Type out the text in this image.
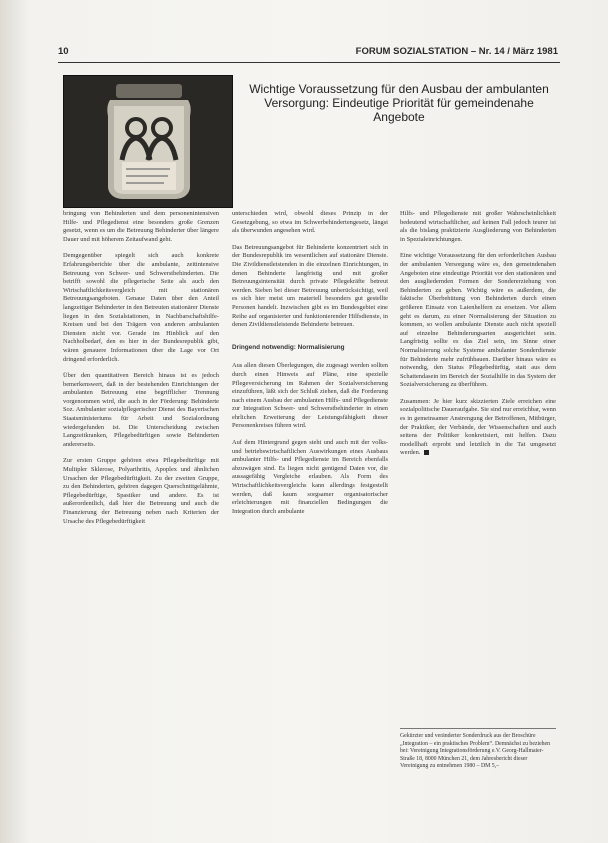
10	FORUM SOZIALSTATION – Nr. 14 / März 1981
Wichtige Voraussetzung für den Ausbau der ambulanten Versorgung: Eindeutige Priorität für gemeindenahe Angebote

bringung von Behinderten und dem personenintensiven Hilfe- und Pflegedienst eine besonders große Grenzen gesetzt, wenn es um die Betreuung Behinderter über längere Dauer und mit höherem Zeitaufwand geht.

Demgegenüber spiegelt sich auch konkrete Erfahrungsberichte über die ambulante, zeitintensive Betreuung von Schwer- und Schwerstbehinderten. Die betrifft sowohl die pflegerische Seite als auch den Wirtschaftlichkeitsvergleich mit stationären Betreuungsangeboten. Genaue Daten über den Anteil langzeitiger Behinderter in den Betreuten stationärer Dienste liegen in den Sozialstationen, in Nachbarschaftshilfe-Kreisen und bei den Trägern von anderen ambulanten Diensten nicht vor. Gerade im Hinblick auf den Nachholbedarf, den es hier in der Bundesrepublik gibt, wären genauere Informationen über die Lage vor Ort dringend erforderlich.

Über den quantitativen Bereich hinaus ist es jedoch bemerkenswert, daß in der bestehenden Einrichtungen der ambulanten Betreuung eine begrifflicher Trennung vorgenommen wird, die auch in der Förderung: Behinderte Soz. Ambulanter sozialpflegerischer Dienst des Bayerischen Staatsministeriums für Arbeit und Sozialordnung wiedergefunden ist. Die Unterscheidung zwischen Langzeitkranken, Pflegebedürftigen sowie Behinderten andererseits.

Zur ersten Gruppe gehören etwa Pflegebedürftige mit Multipler Sklerose, Polyarthritis, Apoplex und ähnlichen Ursachen der Pflegebedürftigkeit. Zu der zweiten Gruppe, zu den Behinderten, gehören dagegen Querschnittgelähmte, Pflegebedürftige, Spastiker und andere. Es ist außerordentlich, daß hier die Betreuung und auch die Finanzierung der Betreuung neben nach Kriterien der Ursache des Pflegebedürftigkeit

unterschieden wird, obwohl dieses Prinzip in der Gesetzgebung, so etwa im Schwerbehindertengesetz, längst als überwunden angesehen wird.

Das Betreuungsangebot für Behinderte konzentriert sich in der Bundesrepublik im wesentlichen auf stationäre Dienste. Die Zivildienstleistenden in die einzelnen Einrichtungen, in denen Behinderte langfristig und mit großer Betreuungsintensität durch private Pflegekräfte betreut werden. Sieben bei dieser Betreuung unberücksichtigt, weil es sich hier meist um materiell besonders gut gestellte Personen handelt. Inzwischen gibt es im Bundesgebiet eine Reihe auf organisierter und funktionierender Hilfsdienste, in denen Zivildienstleistende Behinderte betreuen.

Dringend notwendig: Normalisierung

Aus allen diesen Überlegungen, die zugesagt werden sollten durch einen Hinweis auf Pläne, eine spezielle Pflegeversicherung im Rahmen der Sozialversicherung einzuführen, läßt sich der Schluß ziehen, daß die Forderung nach einem Ausbau der ambulanten Hilfs- und Pflegedienste zur Integration Schwer- und Schwerstbehinderter in einen ehrlichen Erweiterung der Leistungsfähigkeit dieser Personenkreises führen wird.

Auf dem Hintergrund gegen steht und auch mit der volks- und betriebswirtschaftlichen Auswirkungen eines Ausbaus ambulanter Hilfs- und Pflegedienste im Bereich ebenfalls abzuwägen sind. Es liegen nicht genügend Daten vor, die aussagefähig Vergleiche erlauben. Als Form des Wirtschaftlichkeitsvergleichs kann allerdings festgestellt werden, daß kaum sorgsamer organisatorischer erleichterungen mit finanziellen Bedingungen die Integration durch ambulante

Hilfs- und Pflegedienste mit großer Wahrscheinlichkeit bedeutend wirtschaftlicher, auf keinen Fall jedoch teurer ist als die bislang praktizierte Ausgliederung von Behinderten in Spezialeinrichtungen.

Eine wichtige Voraussetzung für den erforderlichen Ausbau der ambulanten Versorgung wäre es, den gemeindenahen Angeboten eine eindeutige Priorität vor den stationären und den ausgliedernden Formen der Sondererziehung von Behinderten zu geben. Wichtig wäre es außerdem, die faktische Überbehütung von Behinderten durch einen größeren Einsatz von Laienhelfern zu ersetzen. Vor allem geht es darum, zu einer Normalisierung der Situation zu kommen, so wollen ambulante Dienste auch nicht speziell auf einzelne Behinderungsarten ausgerichtet sein. Langfristig sollte es das Ziel sein, im Sinne einer Normalisierung solche Systeme ambulanter Sonderdienste für Behinderte mehr zufrühbauen. Darüber hinaus wäre es notwendig, den Status Pflegebedürftig, statt aus dem Schattendasein im Bereich der Sozialhilfe in das System der Sozialversicherung zu überführen.

Zusammen: Je hier kurz skizzierten Ziele erreichen eine sozialpolitische Daueraufgabe. Sie sind nur erreichbar, wenn es in gemeinsamer Anstrengung der Betroffenen, Mitbürger, der Praktiker, der Verbände, der Wissenschaften und auch seitens der Politiker konkretisiert, mit helfen. Dazu modellhaft erprobt und letztlich in die Tat umgesetzt werden.

Gekürzter und veränderter Sonderdruck aus der Broschüre „Integration – ein praktisches Problem“. Demnächst zu beziehen bei: Vereinigung Integrationsförderung e.V. Georg-Hallmaier-Straße 18, 8000 München 21, dem Jahresbericht dieser Vereinigung zu entnehmen 1980 – DM 5,–
